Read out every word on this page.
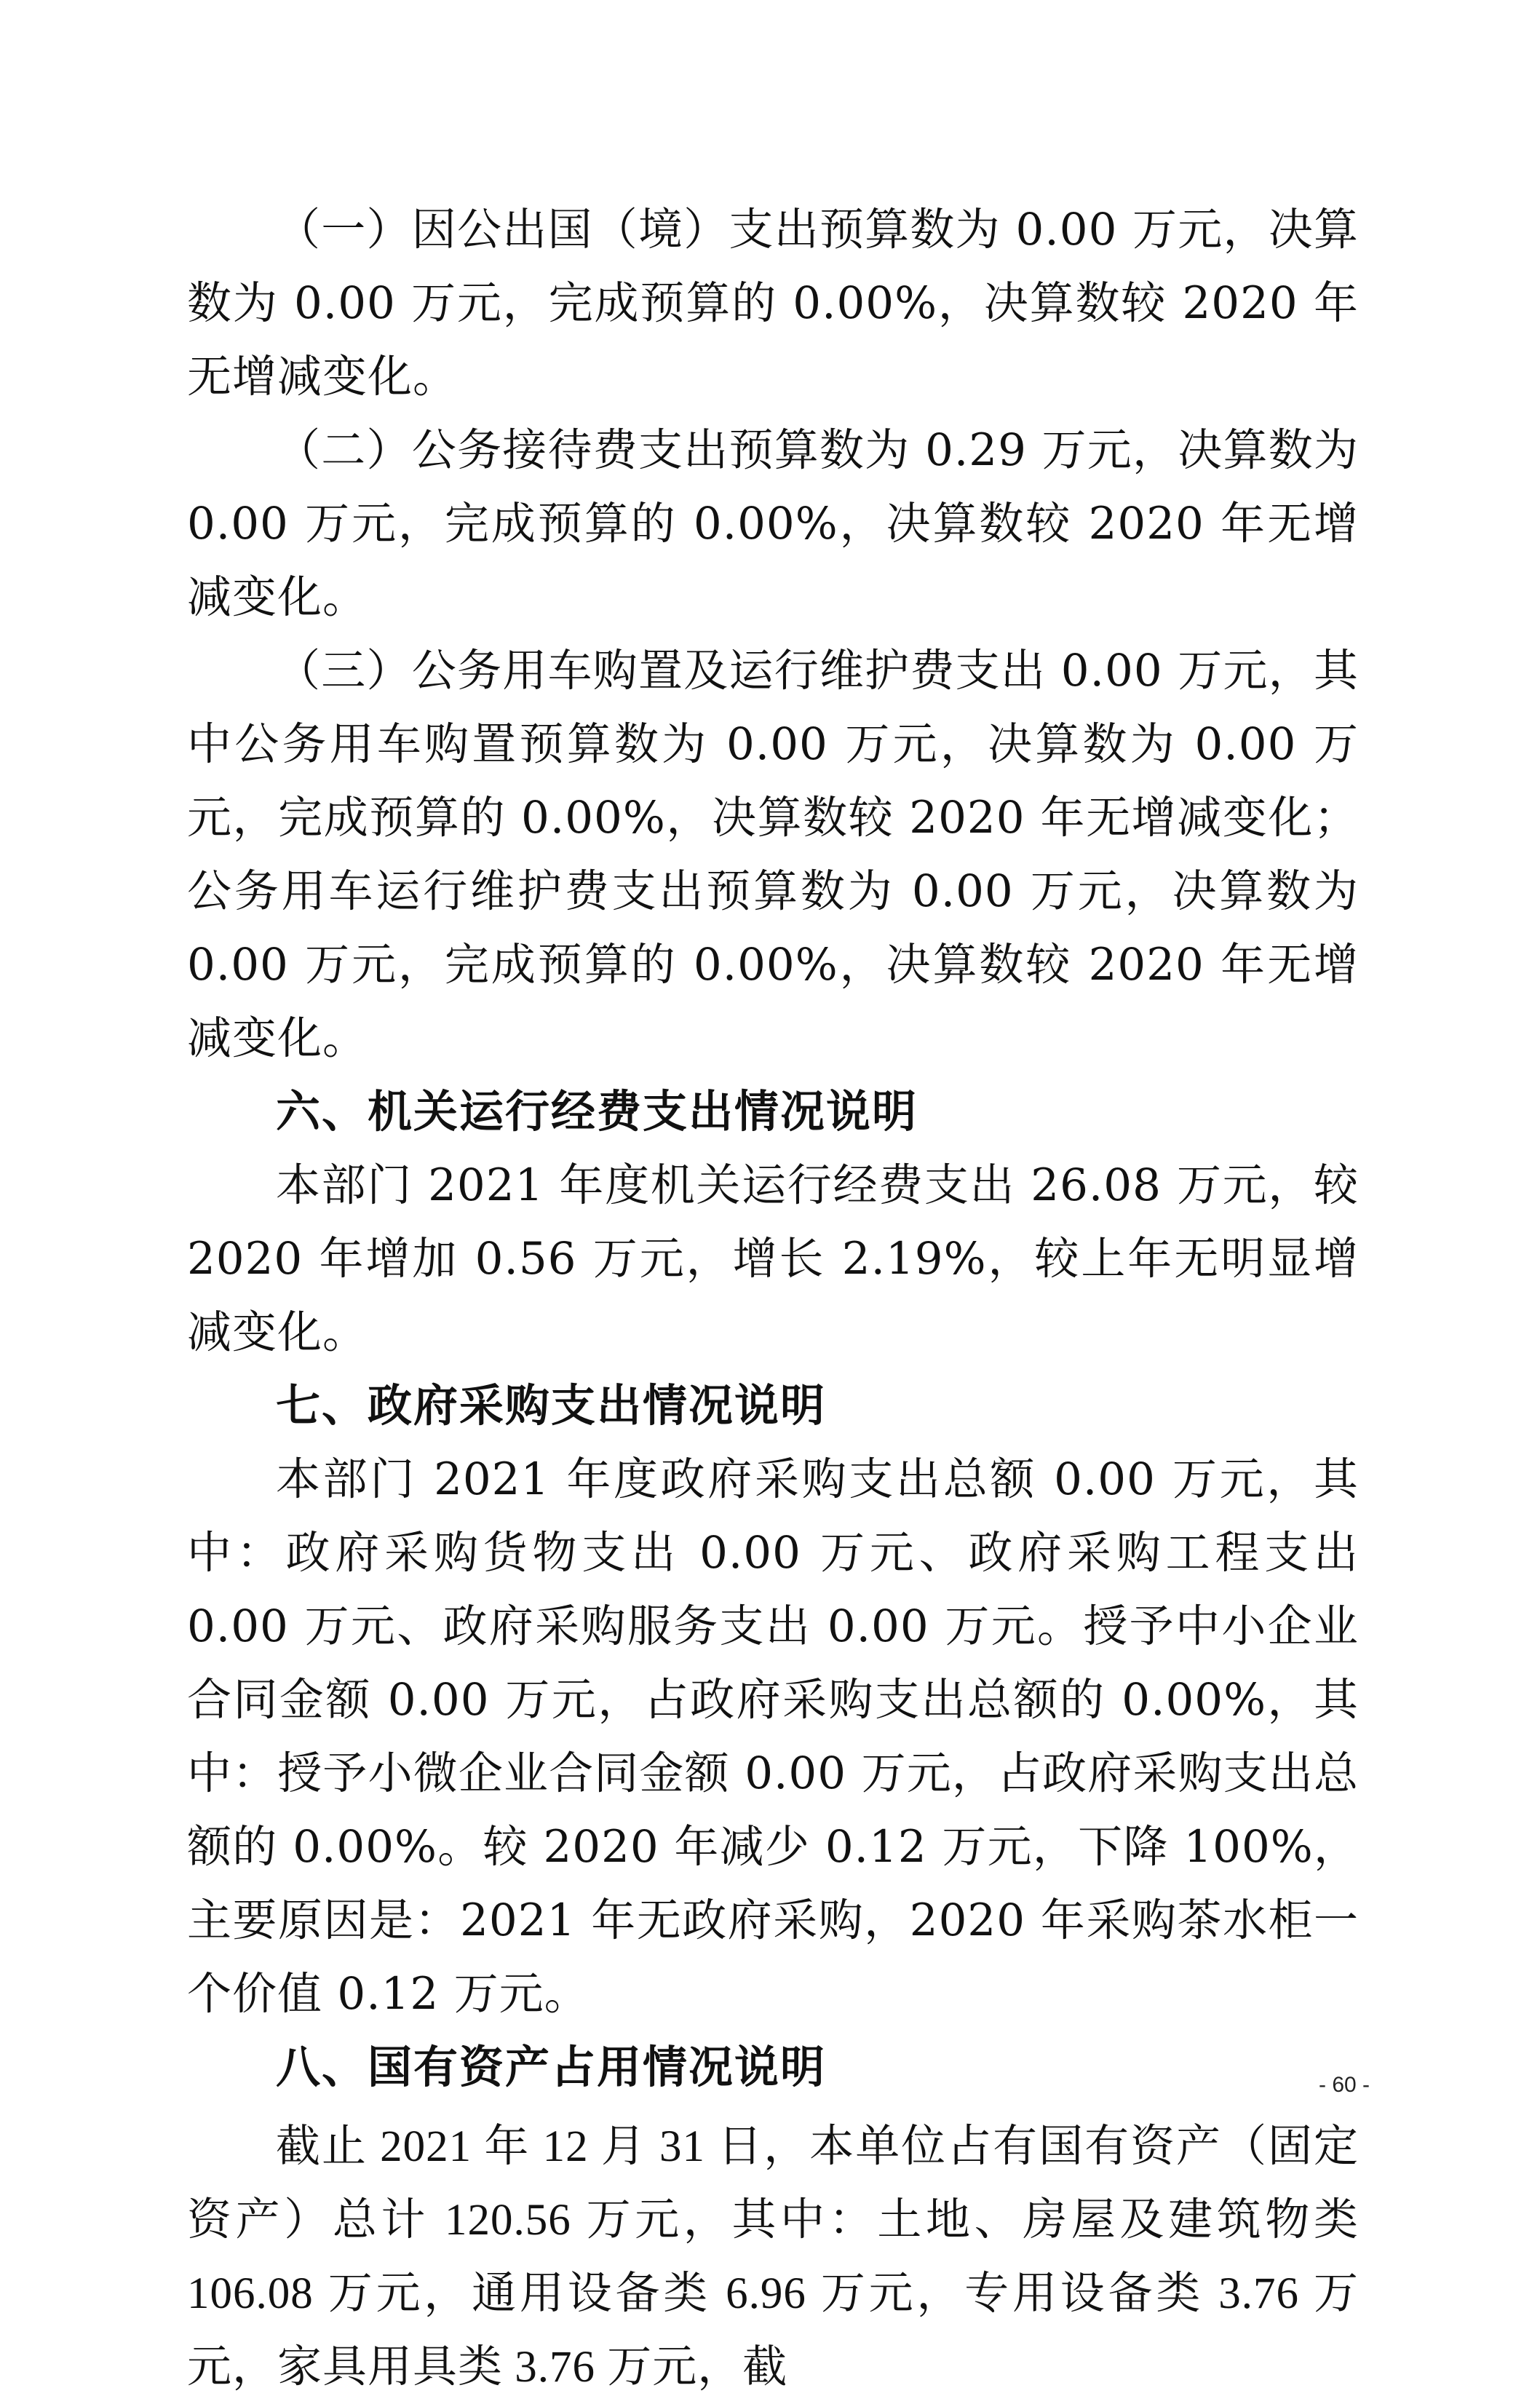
（一）因公出国（境）支出预算数为 0.00 万元，决算数为 0.00 万元，完成预算的 0.00%，决算数较 2020 年无增减变化。

（二）公务接待费支出预算数为 0.29 万元，决算数为 0.00 万元，完成预算的 0.00%，决算数较 2020 年无增减变化。

（三）公务用车购置及运行维护费支出 0.00 万元，其中公务用车购置预算数为 0.00 万元，决算数为 0.00 万元，完成预算的 0.00%，决算数较 2020 年无增减变化；公务用车运行维护费支出预算数为 0.00 万元，决算数为 0.00 万元，完成预算的 0.00%，决算数较 2020 年无增减变化。

六、机关运行经费支出情况说明

本部门 2021 年度机关运行经费支出 26.08 万元，较 2020 年增加 0.56 万元，增长 2.19%，较上年无明显增减变化。

七、政府采购支出情况说明

本部门 2021 年度政府采购支出总额 0.00 万元，其中：政府采购货物支出 0.00 万元、政府采购工程支出 0.00 万元、政府采购服务支出 0.00 万元。授予中小企业合同金额 0.00 万元，占政府采购支出总额的 0.00%，其中：授予小微企业合同金额 0.00 万元，占政府采购支出总额的 0.00%。较 2020 年减少 0.12 万元，下降 100%，主要原因是：2021 年无政府采购，2020 年采购茶水柜一个价值 0.12 万元。

八、国有资产占用情况说明

截止 2021 年 12 月 31 日，本单位占有国有资产（固定资产）总计 120.56 万元，其中：土地、房屋及建筑物类 106.08 万元，通用设备类 6.96 万元，专用设备类 3.76 万元，家具用具类 3.76 万元，截

- 60 -
